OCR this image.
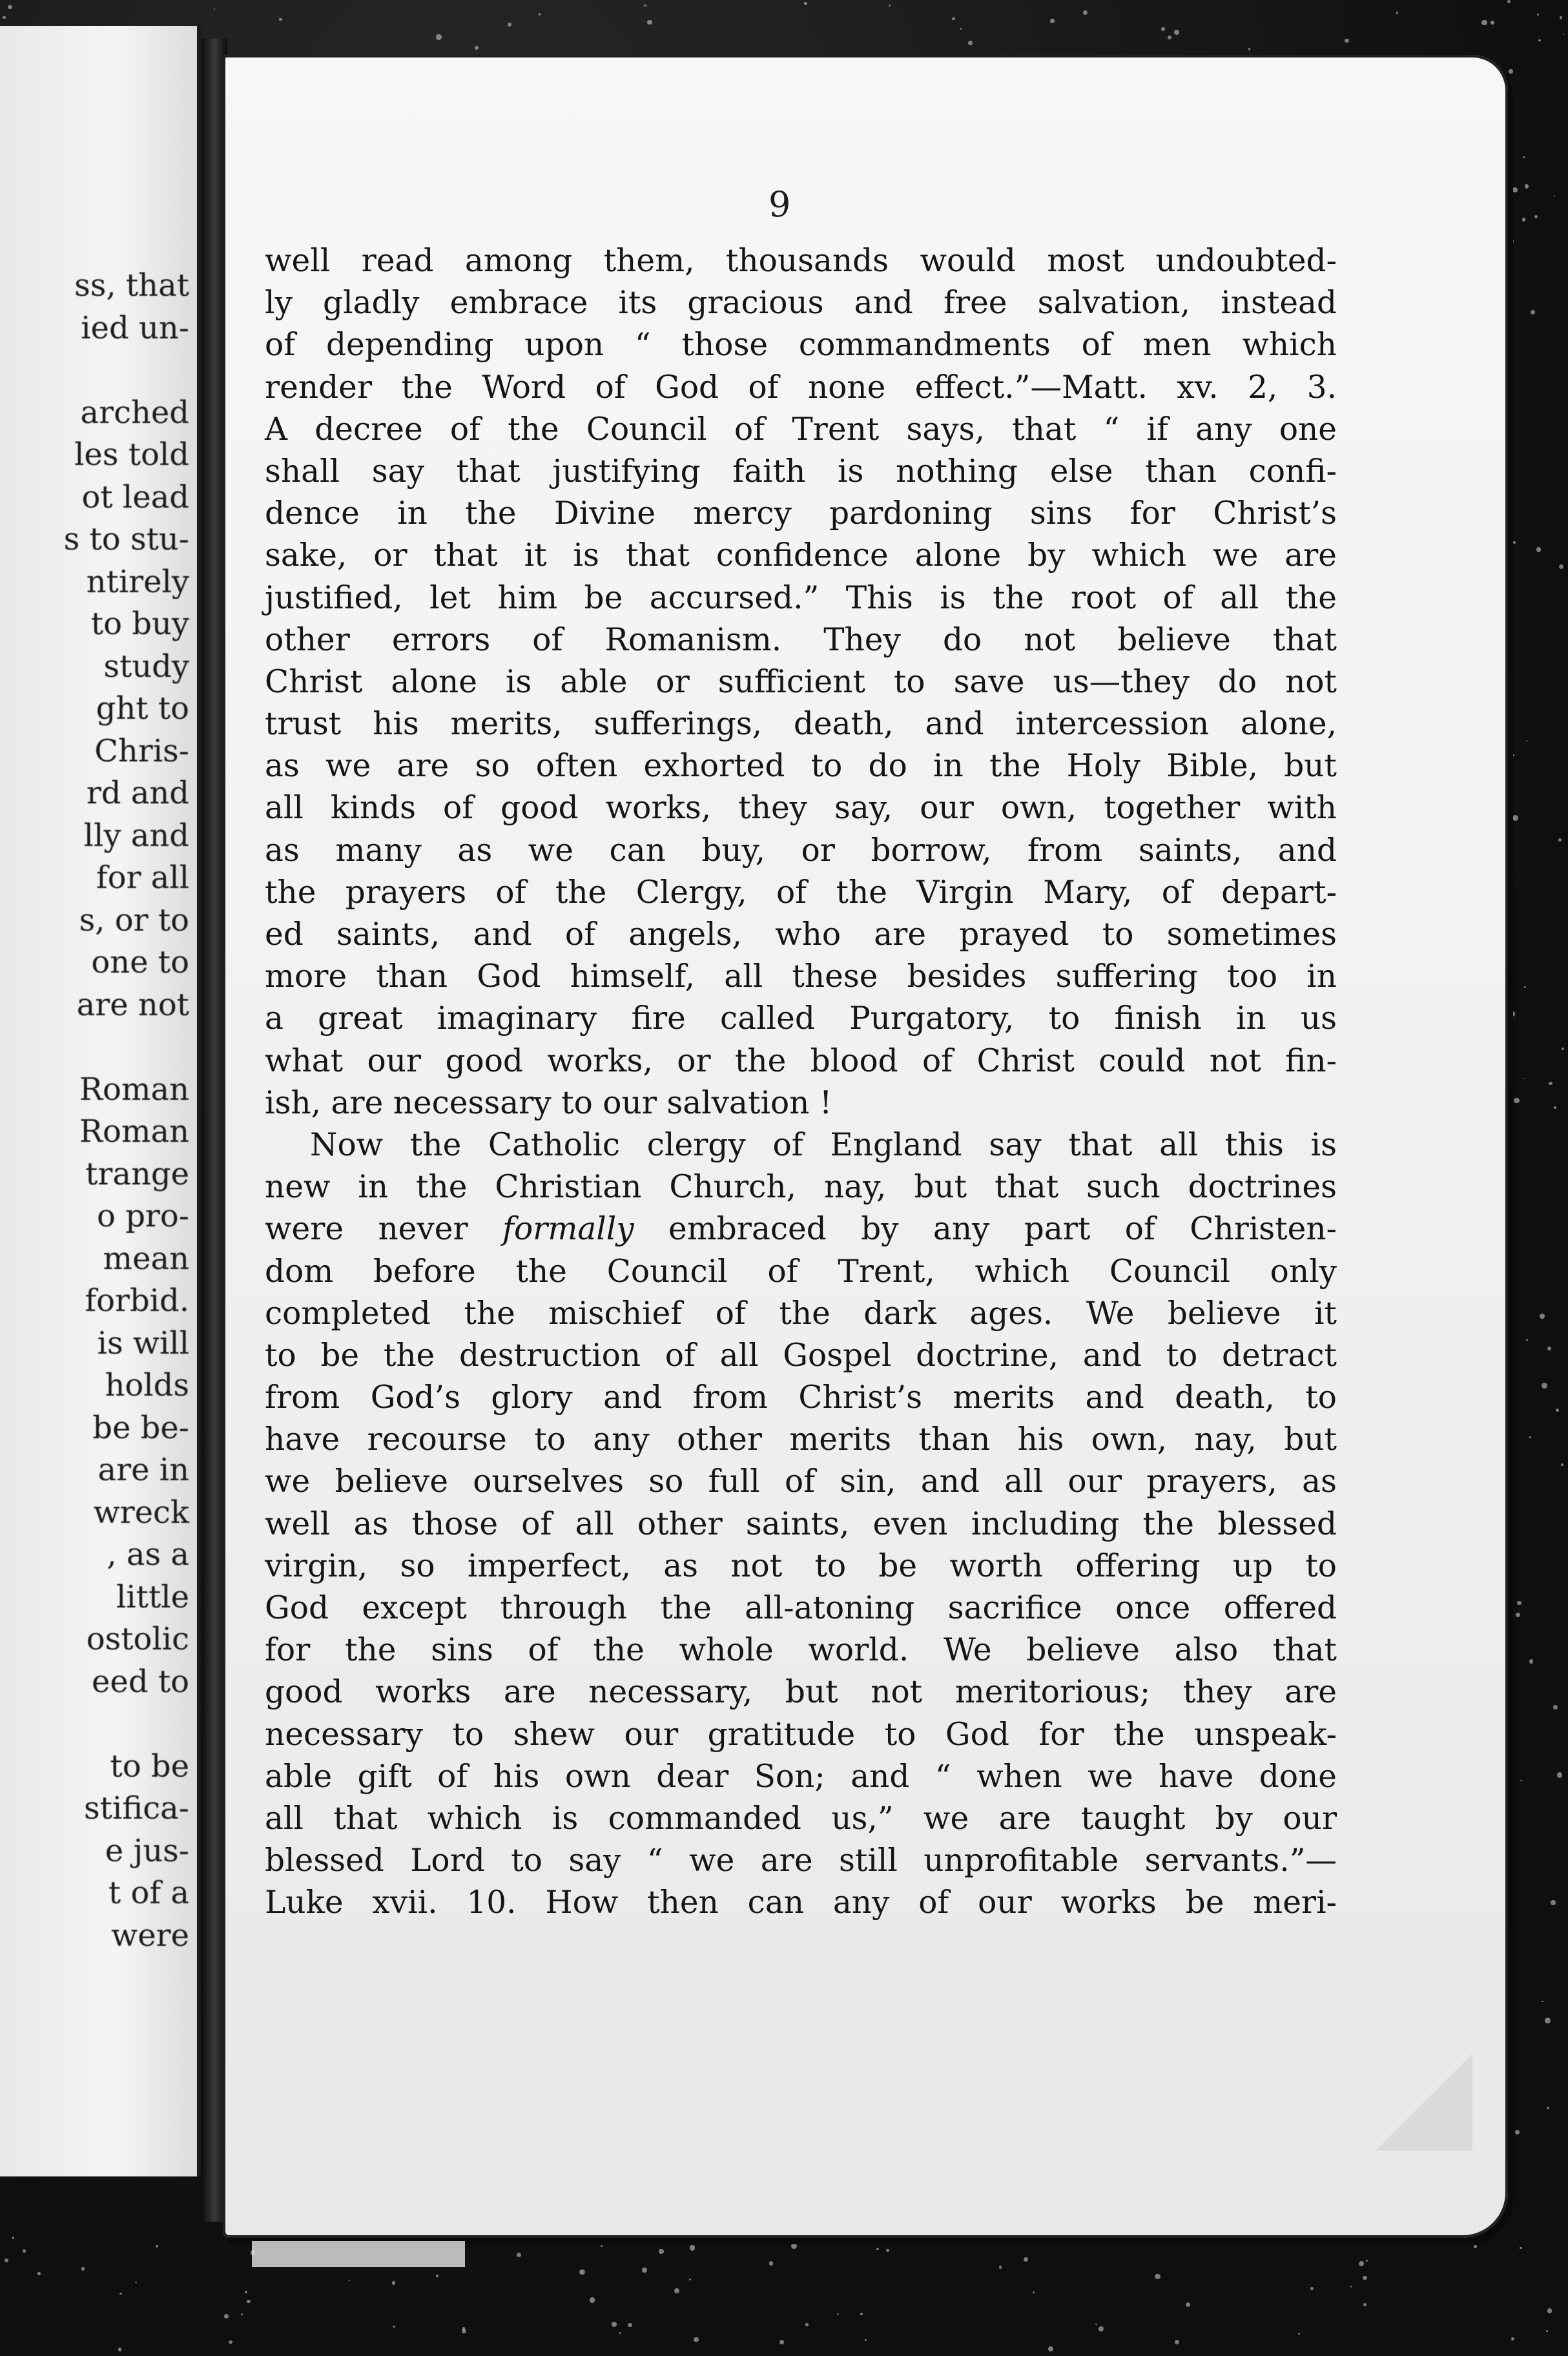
ss, that
ied un-
arched
les told
ot lead
s to stu-
ntirely
to buy
study
ght to
Chris-
rd and
lly and
for all
s, or to
one to
are not
Roman
Roman
trange
o pro-
mean
forbid.
is will
holds
be be-
are in
wreck
, as a
little
ostolic
eed to
to be
stifica-
e jus-
t of a
were
9
well read among them, thousands would most undoubted-
ly gladly embrace its gracious and free salvation, instead
of depending upon “ those commandments of men which
render the Word of God of none effect.”—Matt. xv. 2, 3.
A decree of the Council of Trent says, that “ if any one
shall say that justifying faith is nothing else than confi-
dence in the Divine mercy pardoning sins for Christ’s
sake, or that it is that confidence alone by which we are
justified, let him be accursed.” This is the root of all the
other errors of Romanism. They do not believe that
Christ alone is able or sufficient to save us—they do not
trust his merits, sufferings, death, and intercession alone,
as we are so often exhorted to do in the Holy Bible, but
all kinds of good works, they say, our own, together with
as many as we can buy, or borrow, from saints, and
the prayers of the Clergy, of the Virgin Mary, of depart-
ed saints, and of angels, who are prayed to sometimes
more than God himself, all these besides suffering too in
a great imaginary fire called Purgatory, to finish in us
what our good works, or the blood of Christ could not fin-
ish, are necessary to our salvation !
Now the Catholic clergy of England say that all this is
new in the Christian Church, nay, but that such doctrines
were never formally embraced by any part of Christen-
dom before the Council of Trent, which Council only
completed the mischief of the dark ages. We believe it
to be the destruction of all Gospel doctrine, and to detract
from God’s glory and from Christ’s merits and death, to
have recourse to any other merits than his own, nay, but
we believe ourselves so full of sin, and all our prayers, as
well as those of all other saints, even including the blessed
virgin, so imperfect, as not to be worth offering up to
God except through the all-atoning sacrifice once offered
for the sins of the whole world. We believe also that
good works are necessary, but not meritorious; they are
necessary to shew our gratitude to God for the unspeak-
able gift of his own dear Son; and “ when we have done
all that which is commanded us,” we are taught by our
blessed Lord to say “ we are still unprofitable servants.”—
Luke xvii. 10. How then can any of our works be meri-
